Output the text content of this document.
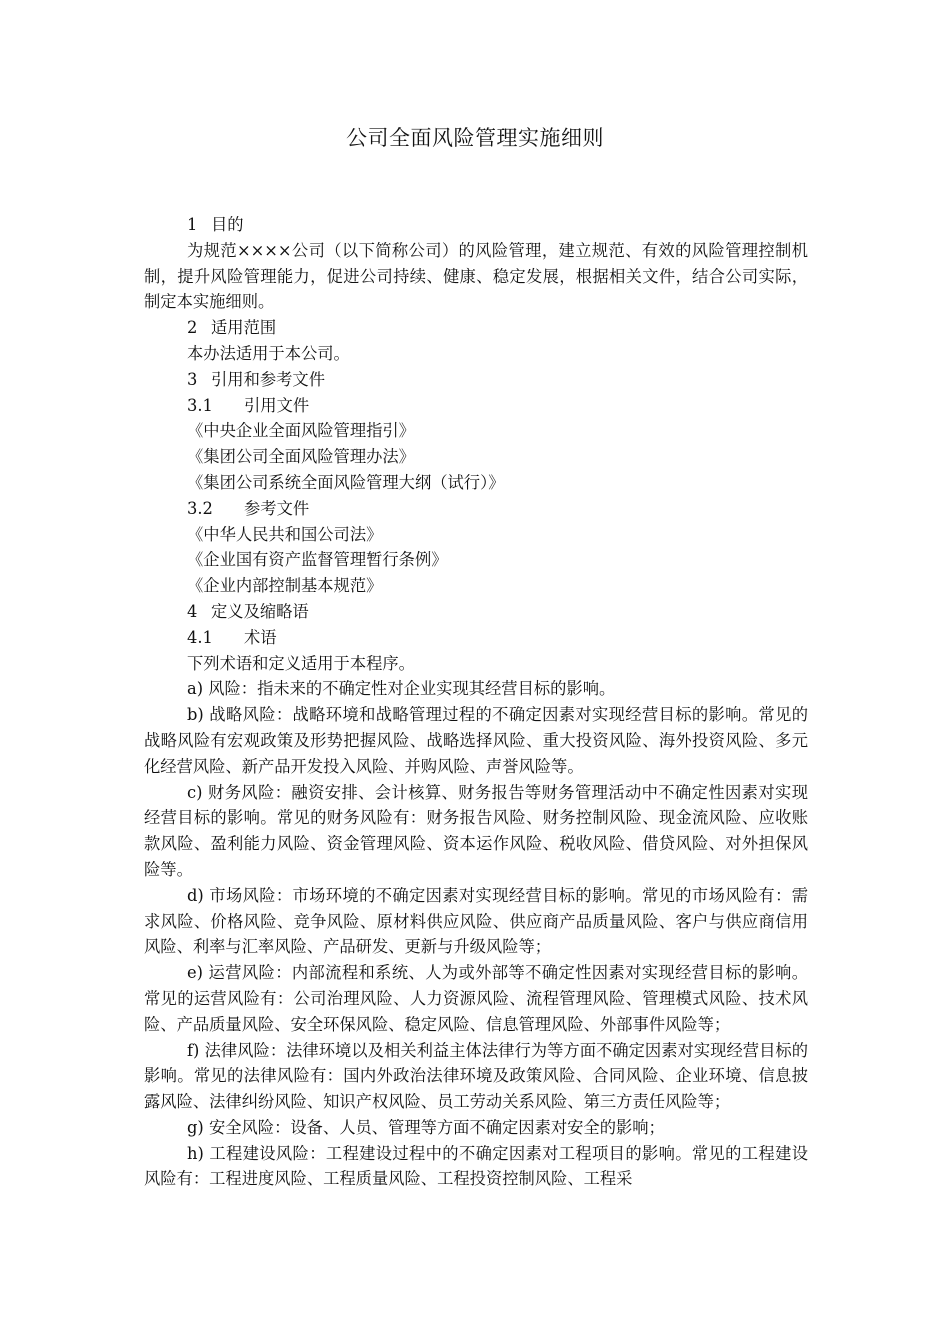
公司全面风险管理实施细则
1 目的
为规范××××公司（以下简称公司）的风险管理，建立规范、有效的风险管理控制机制，提升风险管理能力，促进公司持续、健康、稳定发展，根据相关文件，结合公司实际，制定本实施细则。
2 适用范围
本办法适用于本公司。
3 引用和参考文件
3.1 引用文件
《中央企业全面风险管理指引》
《集团公司全面风险管理办法》
《集团公司系统全面风险管理大纲（试行）》
3.2 参考文件
《中华人民共和国公司法》
《企业国有资产监督管理暂行条例》
《企业内部控制基本规范》
4 定义及缩略语
4.1 术语
下列术语和定义适用于本程序。
a) 风险：指未来的不确定性对企业实现其经营目标的影响。
b) 战略风险：战略环境和战略管理过程的不确定因素对实现经营目标的影响。常见的战略风险有宏观政策及形势把握风险、战略选择风险、重大投资风险、海外投资风险、多元化经营风险、新产品开发投入风险、并购风险、声誉风险等。
c) 财务风险：融资安排、会计核算、财务报告等财务管理活动中不确定性因素对实现经营目标的影响。常见的财务风险有：财务报告风险、财务控制风险、现金流风险、应收账款风险、盈利能力风险、资金管理风险、资本运作风险、税收风险、借贷风险、对外担保风险等。
d) 市场风险：市场环境的不确定因素对实现经营目标的影响。常见的市场风险有：需求风险、价格风险、竞争风险、原材料供应风险、供应商产品质量风险、客户与供应商信用风险、利率与汇率风险、产品研发、更新与升级风险等；
e) 运营风险：内部流程和系统、人为或外部等不确定性因素对实现经营目标的影响。常见的运营风险有：公司治理风险、人力资源风险、流程管理风险、管理模式风险、技术风险、产品质量风险、安全环保风险、稳定风险、信息管理风险、外部事件风险等；
f) 法律风险：法律环境以及相关利益主体法律行为等方面不确定因素对实现经营目标的影响。常见的法律风险有：国内外政治法律环境及政策风险、合同风险、企业环境、信息披露风险、法律纠纷风险、知识产权风险、员工劳动关系风险、第三方责任风险等；
g) 安全风险：设备、人员、管理等方面不确定因素对安全的影响；
h) 工程建设风险：工程建设过程中的不确定因素对工程项目的影响。常见的工程建设风险有：工程进度风险、工程质量风险、工程投资控制风险、工程采
